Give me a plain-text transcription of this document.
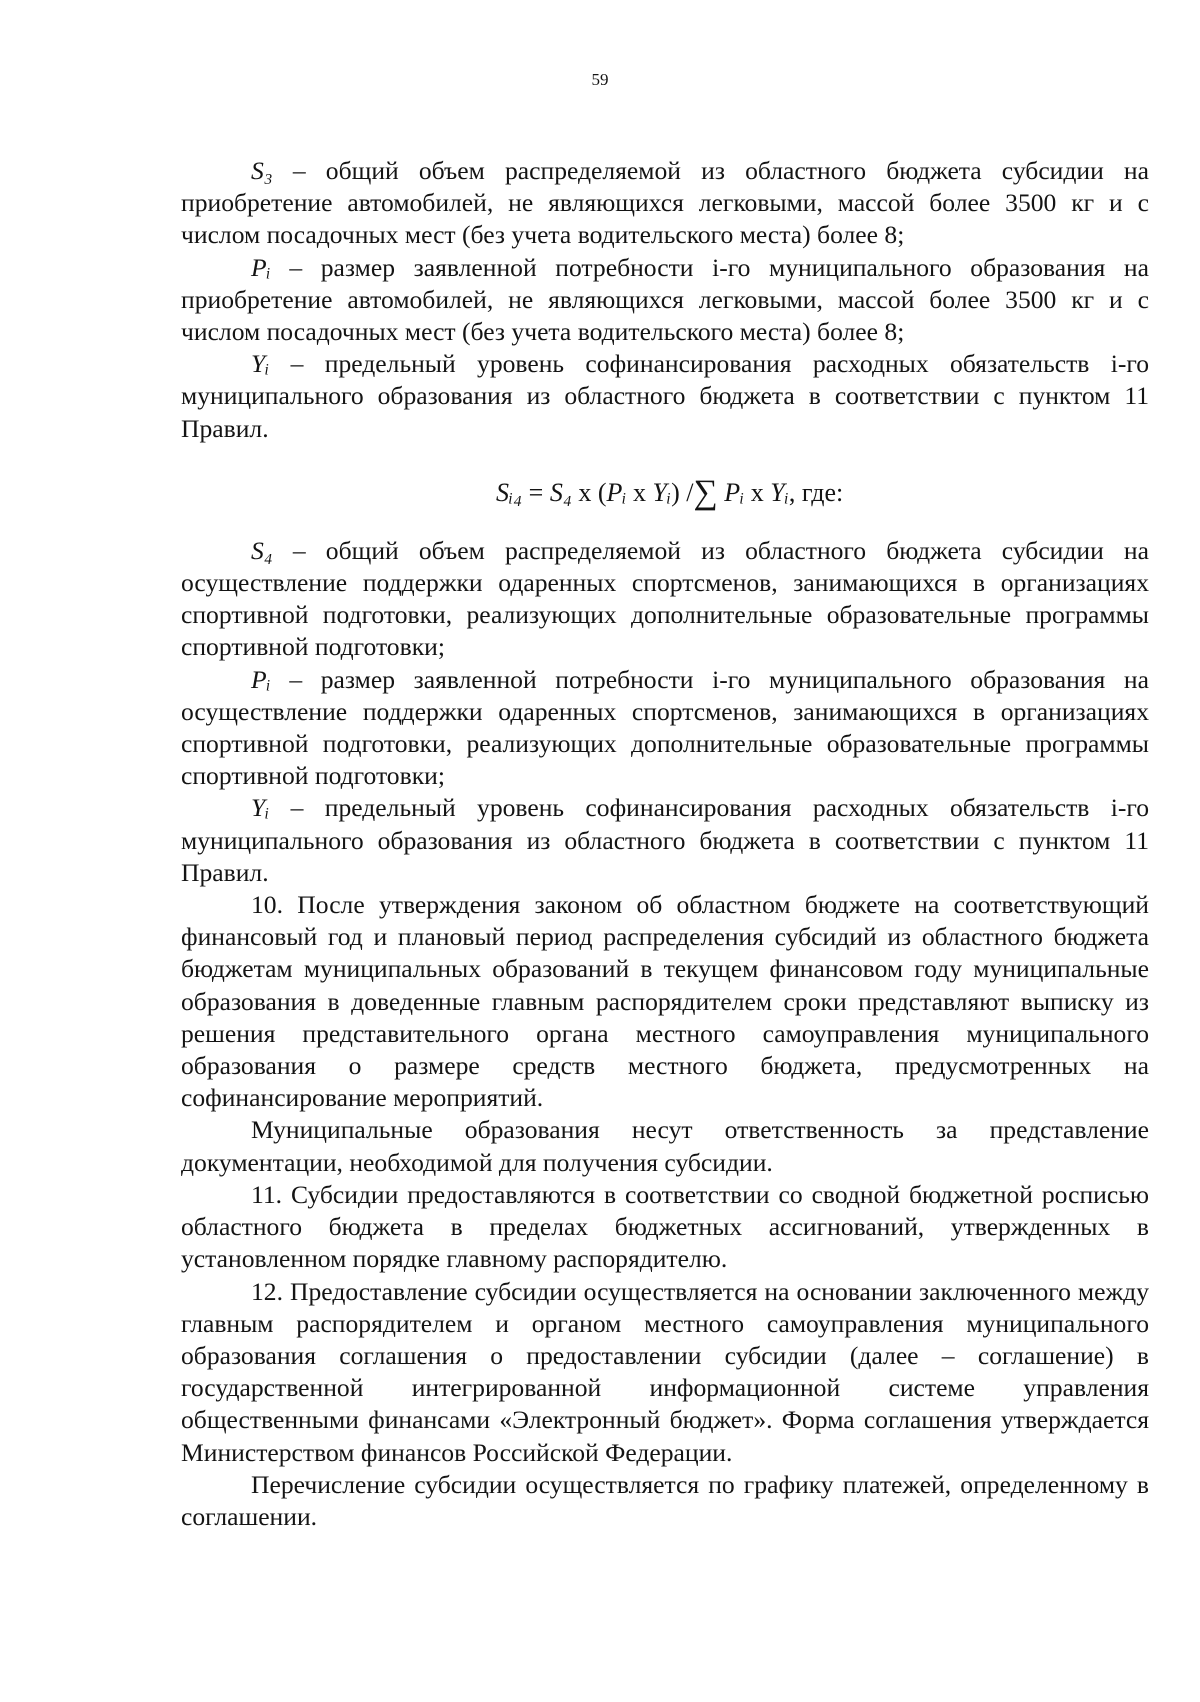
59

S₃ – общий объем распределяемой из областного бюджета субсидии на приобретение автомобилей, не являющихся легковыми, массой более 3500 кг и с числом посадочных мест (без учета водительского места) более 8;

Pᵢ – размер заявленной потребности i-го муниципального образования на приобретение автомобилей, не являющихся легковыми, массой более 3500 кг и с числом посадочных мест (без учета водительского места) более 8;

Yᵢ – предельный уровень софинансирования расходных обязательств i-го муниципального образования из областного бюджета в соответствии с пунктом 11 Правил.

Sᵢ₄ = S₄ x (Pᵢ x Yᵢ) /∑ Pᵢ x Yᵢ, где:

S₄ – общий объем распределяемой из областного бюджета субсидии на осуществление поддержки одаренных спортсменов, занимающихся в организациях спортивной подготовки, реализующих дополнительные образовательные программы спортивной подготовки;

Pᵢ – размер заявленной потребности i-го муниципального образования на осуществление поддержки одаренных спортсменов, занимающихся в организациях спортивной подготовки, реализующих дополнительные образовательные программы спортивной подготовки;

Yᵢ – предельный уровень софинансирования расходных обязательств i-го муниципального образования из областного бюджета в соответствии с пунктом 11 Правил.

10. После утверждения законом об областном бюджете на соответствующий финансовый год и плановый период распределения субсидий из областного бюджета бюджетам муниципальных образований в текущем финансовом году муниципальные образования в доведенные главным распорядителем сроки представляют выписку из решения представительного органа местного самоуправления муниципального образования о размере средств местного бюджета, предусмотренных на софинансирование мероприятий.

Муниципальные образования несут ответственность за представление документации, необходимой для получения субсидии.

11. Субсидии предоставляются в соответствии со сводной бюджетной росписью областного бюджета в пределах бюджетных ассигнований, утвержденных в установленном порядке главному распорядителю.

12. Предоставление субсидии осуществляется на основании заключенного между главным распорядителем и органом местного самоуправления муниципального образования соглашения о предоставлении субсидии (далее – соглашение) в государственной интегрированной информационной системе управления общественными финансами «Электронный бюджет». Форма соглашения утверждается Министерством финансов Российской Федерации.

Перечисление субсидии осуществляется по графику платежей, определенному в соглашении.
